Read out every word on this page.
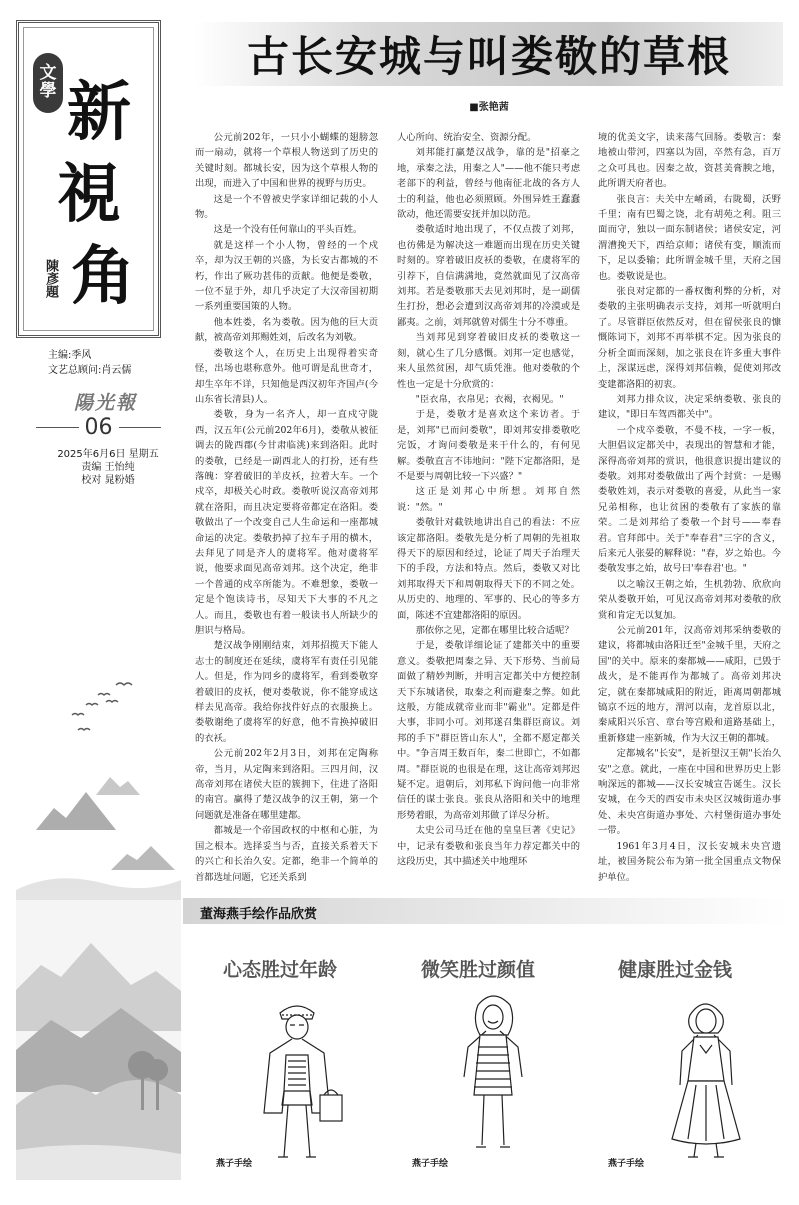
文
學 新
視
角
陳彥題
主编:季风
文艺总顾问:肖云儒
陽光報
06
2025年6月6日 星期五
责编 王怡纯
校对 晁粉婚
古长安城与叫娄敬的草根
■张艳茜

公元前202年，一只小小蝴蝶的翅膀忽而一扇动，就将一个草根人物送到了历史的关键时刻。都城长安，因为这个草根人物的出现，而进入了中国和世界的视野与历史。

这是一个不曾被史学家详细记载的小人物。

这是一个没有任何靠山的平头百姓。

就是这样一个小人物，曾经的一个戍卒，却为汉王朝的兴盛，为长安古都城的不朽，作出了厥功甚伟的贡献。他便是娄敬，一位不显于外，却几乎决定了大汉帝国初期一系列重要国策的人物。

他本姓娄，名为娄敬。因为他的巨大贡献，被高帝刘邦赐姓刘，后改名为刘敬。

娄敬这个人，在历史上出现得着实奇怪，出场也堪称意外。他可谓是乱世奇才，却生卒年不详，只知他是西汉初年齐国卢(今山东省长清县)人。

娄敬，身为一名齐人，却一直戍守陇西，汉五年(公元前202年6月)，娄敬从被征调去的陇西郡(今甘肃临洮)来到洛阳。此时的娄敬，已经是一副西北人的打扮，还有些落魄：穿着破旧的羊皮袄，拉着大车。一个戍卒，却极关心时政。娄敬听说汉高帝刘邦就在洛阳，而且决定要将帝都定在洛阳。娄敬做出了一个改变自己人生命运和一座都城命运的决定。娄敬扔掉了拉车子用的横木，去拜见了同是齐人的虞将军。他对虞将军说，他要求面见高帝刘邦。这个决定，绝非一个普通的戍卒所能为。不难想象，娄敬一定是个饱读诗书，尽知天下大事的不凡之人。而且，娄敬也有着一般读书人所缺少的胆识与格局。

楚汉战争刚刚结束，刘邦招揽天下能人志士的制度还在延续，虞将军有责任引见能人。但是，作为同乡的虞将军，看到娄敬穿着破旧的皮袄，便对娄敬说，你不能穿成这样去见高帝。我给你找件好点的衣服换上。娄敬谢绝了虞将军的好意，他不肯换掉破旧的衣袄。

公元前202年2月3日，刘邦在定陶称帝，当月，从定陶来到洛阳。三四月间，汉高帝刘邦在诸侯大臣的簇拥下，住进了洛阳的南宫。赢得了楚汉战争的汉王朝，第一个问题就是准备在哪里建都。

都城是一个帝国政权的中枢和心脏，为国之根本。选择妥当与否，直接关系着天下的兴亡和长治久安。定都，绝非一个简单的首都选址问题，它还关系到

人心所向、统治安全、资源分配。

刘邦能打赢楚汉战争，靠的是"招豪之地，承秦之法，用秦之人"——他不能只考虑老部下的利益，曾经与他南征北战的各方人士的利益，他也必须照顾。外围异姓王蠢蠢欲动，他还需要安抚并加以防范。

娄敬适时地出现了，不仅点拨了刘邦，也彷佛是为解决这一难题而出现在历史关键时刻的。穿着破旧皮袄的娄敬，在虞将军的引荐下，自信满满地，竟然就面见了汉高帝刘邦。若是娄敬那天去见刘邦时，是一副儒生打扮，想必会遭到汉高帝刘邦的冷漠或是鄙夷。之前，刘邦就曾对儒生十分不尊重。

当刘邦见到穿着破旧皮袄的娄敬这一刻，就心生了几分感慨。刘邦一定也感觉，来人虽然贫困，却气质凭淮。他对娄敬的个性也一定是十分欣赏的：

"臣衣帛，衣帛见；衣褐，衣褐见。"

于是，娄敬才是喜欢这个来访者。于是，刘邦"已而问娄敬"，即刘邦安排娄敬吃完饭，才询问娄敬是来干什么的，有何见解。娄敬直言不讳地问："陛下定都洛阳，是不是要与周朝比较一下兴盛？"

这正是刘邦心中所想。刘邦自然说："然。"

娄敬针对截铁地讲出自己的看法：不应该定都洛阳。娄敬先是分析了周朝的先祖取得天下的原因和经过，论证了周天子治理天下的手段，方法和特点。然后，娄敬又对比刘邦取得天下和周朝取得天下的不同之处。从历史的、地理的、军事的、民心的等多方面，陈述不宜建都洛阳的原因。

那依你之见，定都在哪里比较合适呢？

于是，娄敬详细论证了建都关中的重要意义。娄敬把周秦之异、天下形势、当前局面做了精妙判断，并明言定都关中方便控制天下东城诸侯，取秦之利而避秦之弊。如此这般，方能成就帝业而非"霸业"。定都是件大事，非同小可。刘邦遂召集群臣商议。刘邦的手下"群臣皆山东人"，全都不愿定都关中。"争言周王数百年，秦二世即亡，不如都周。"群臣说的也很是在理，这让高帝刘邦迟疑不定。退朝后，刘邦私下询问他一向非常信任的谋士张良。张良从洛阳和关中的地理形势着眼，为高帝刘邦做了详尽分析。

太史公司马迁在他的皇皇巨著《史记》中，记录有娄敬和张良当年力荐定都关中的这段历史，其中描述关中地理环

境的优美文字，读来荡气回肠。娄敬言：秦地被山带河，四塞以为固，卒然有急，百万之众可具也。因秦之故，资甚美膏腴之地，此所谓天府者也。

张良言：夫关中左崤函，右陇蜀，沃野千里；南有巴蜀之饶，北有胡苑之利。阻三面而守，独以一面东制诸侯；诸侯安定，河渭漕挽天下，西给京师；诸侯有变，顺流而下，足以委输；此所谓金城千里，天府之国也。娄敬说是也。

张良对定都的一番权衡利弊的分析，对娄敬的主张明确表示支持，刘邦一听就明白了。尽管群臣依然反对，但在留侯张良的慷慨陈词下，刘邦不再举棋不定。因为张良的分析全面而深刻，加之张良在许多重大事件上，深谋远虑，深得刘邦信赖，促使刘邦改变建都洛阳的初衷。

刘邦力排众议，决定采纳娄敬、张良的建议，"即日车驾西都关中"。

一个戍卒娄敬，不曼不枝，一字一板，大胆倡议定都关中，表现出的智慧和才能，深得高帝刘邦的赏识，他很意识提出建议的娄敬。刘邦对娄敬做出了两个封赏：一是赐娄敬姓刘，表示对娄敬的喜爱，从此当一家兄弟相称，也让贫困的娄敬有了家族的靠荣。二是刘邦给了娄敬一个封号——奉春君。官拜郎中。关于"奉春君"三字的含义，后来元人张晏的解释说："春，岁之始也。今娄敬发事之始，故号曰'奉春君'也。"

以之喻汉王朝之始，生机勃勃、欣欣向荣从娄敬开始，可见汉高帝刘邦对娄敬的欣赏和肯定无以复加。

公元前201年，汉高帝刘邦采纳娄敬的建议，将都城由洛阳迁至"金城千里，天府之国"的关中。原来的秦都城——咸阳，已毁于战火，是不能再作为都城了。高帝刘邦决定，就在秦都城咸阳的附近，距离周朝都城镐京不远的地方，渭河以南，龙首原以北，秦咸阳兴乐宫、章台等宫殿和道路基础上，重新修建一座新城，作为大汉王朝的都城。

定都城名"长安"，是祈望汉王朝"长治久安"之意。就此，一座在中国和世界历史上影响深远的都城——汉长安城宣告诞生。汉长安城，在今天的西安市未央区汉城街道办事处、未央宫街道办事处、六村堡街道办事处一带。

1961年3月4日，汉长安城未央宫遗址，被国务院公布为第一批全国重点文物保护单位。

董海燕手绘作品欣赏
心态胜过年龄	微笑胜过颜值	健康胜过金钱
燕子手绘	燕子手绘	燕子手绘
